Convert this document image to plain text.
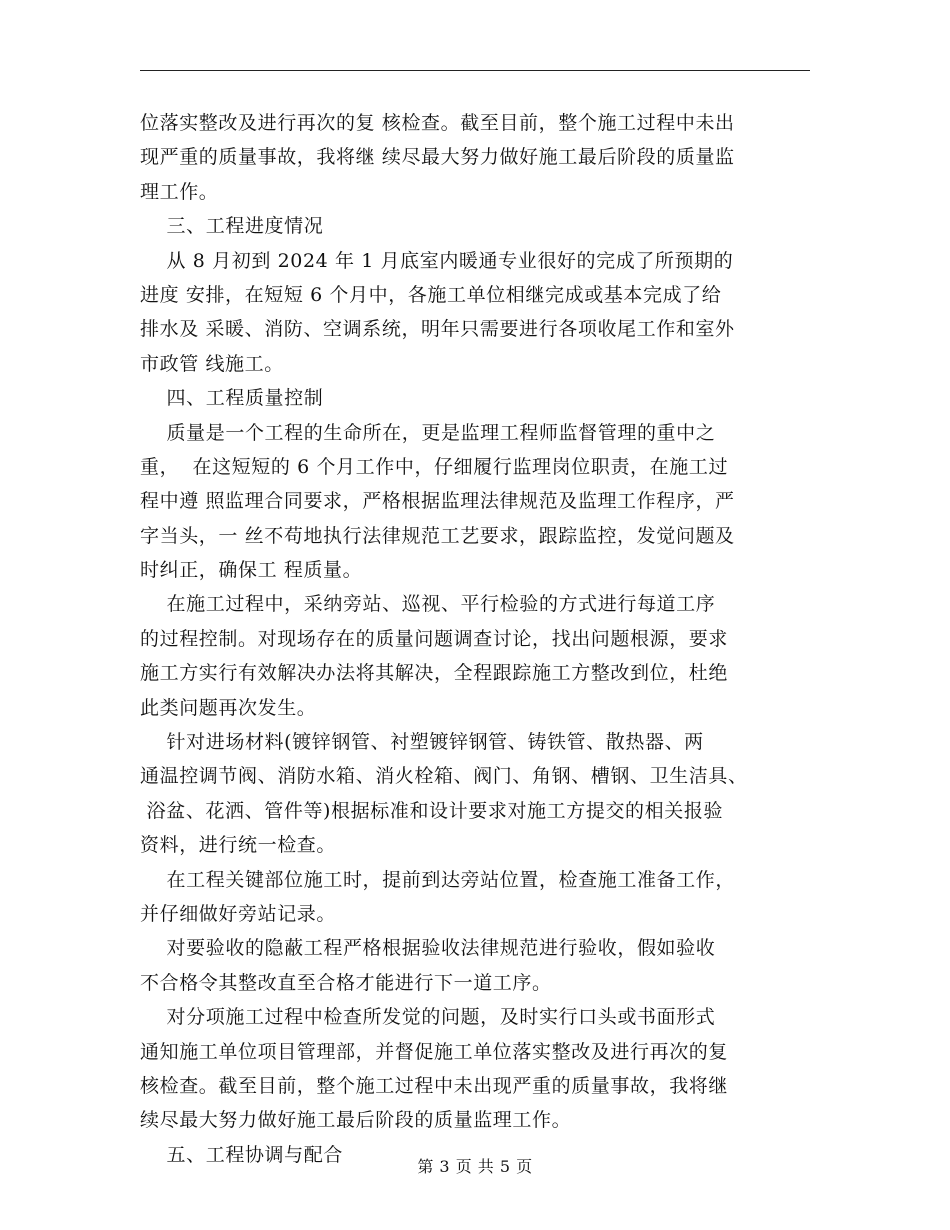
位落实整改及进行再次的复 核检查。截至目前，整个施工过程中未出
现严重的质量事故，我将继 续尽最大努力做好施工最后阶段的质量监
理工作。
三、工程进度情况
从 8 月初到 2024 年 1 月底室内暖通专业很好的完成了所预期的
进度 安排，在短短 6 个月中，各施工单位相继完成或基本完成了给
排水及 采暖、消防、空调系统，明年只需要进行各项收尾工作和室外
市政管 线施工。
四、工程质量控制
质量是一个工程的生命所在，更是监理工程师监督管理的重中之
重，  在这短短的 6 个月工作中，仔细履行监理岗位职责，在施工过
程中遵 照监理合同要求，严格根据监理法律规范及监理工作程序，严
字当头，一 丝不苟地执行法律规范工艺要求，跟踪监控，发觉问题及
时纠正，确保工 程质量。
在施工过程中，采纳旁站、巡视、平行检验的方式进行每道工序
的过程控制。对现场存在的质量问题调查讨论，找出问题根源，要求
施工方实行有效解决办法将其解决，全程跟踪施工方整改到位，杜绝
此类问题再次发生。
针对进场材料(镀锌钢管、衬塑镀锌钢管、铸铁管、散热器、两
通温控调节阀、消防水箱、消火栓箱、阀门、角钢、槽钢、卫生洁具、
浴盆、花洒、管件等)根据标准和设计要求对施工方提交的相关报验
资料，进行统一检查。
在工程关键部位施工时，提前到达旁站位置，检查施工准备工作，
并仔细做好旁站记录。
对要验收的隐蔽工程严格根据验收法律规范进行验收，假如验收
不合格令其整改直至合格才能进行下一道工序。
对分项施工过程中检查所发觉的问题，及时实行口头或书面形式
通知施工单位项目管理部，并督促施工单位落实整改及进行再次的复
核检查。截至目前，整个施工过程中未出现严重的质量事故，我将继
续尽最大努力做好施工最后阶段的质量监理工作。
五、工程协调与配合
第 3 页 共 5 页
